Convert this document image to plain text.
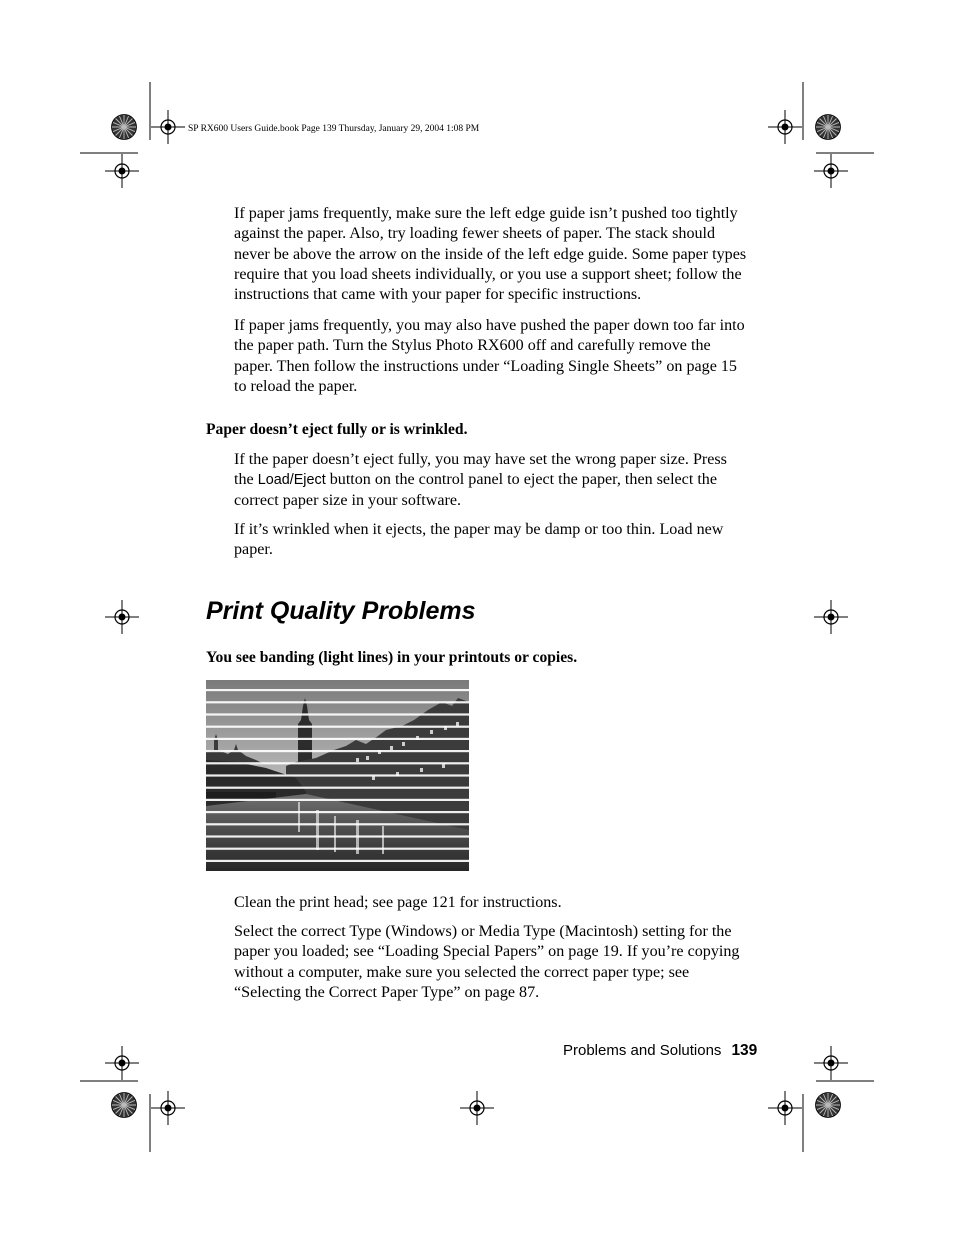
SP RX600 Users Guide.book Page 139 Thursday, January 29, 2004 1:08 PM

If paper jams frequently, make sure the left edge guide isn’t pushed too tightly against the paper. Also, try loading fewer sheets of paper. The stack should never be above the arrow on the inside of the left edge guide. Some paper types require that you load sheets individually, or you use a support sheet; follow the instructions that came with your paper for specific instructions.

If paper jams frequently, you may also have pushed the paper down too far into the paper path. Turn the Stylus Photo RX600 off and carefully remove the paper. Then follow the instructions under “Loading Single Sheets” on page 15 to reload the paper.

Paper doesn’t eject fully or is wrinkled.

If the paper doesn’t eject fully, you may have set the wrong paper size. Press the Load/Eject button on the control panel to eject the paper, then select the correct paper size in your software.

If it’s wrinkled when it ejects, the paper may be damp or too thin. Load new paper.

Print Quality Problems

You see banding (light lines) in your printouts or copies.

Clean the print head; see page 121 for instructions.

Select the correct Type (Windows) or Media Type (Macintosh) setting for the paper you loaded; see “Loading Special Papers” on page 19. If you’re copying without a computer, make sure you selected the correct paper type; see “Selecting the Correct Paper Type” on page 87.

Problems and Solutions 139
